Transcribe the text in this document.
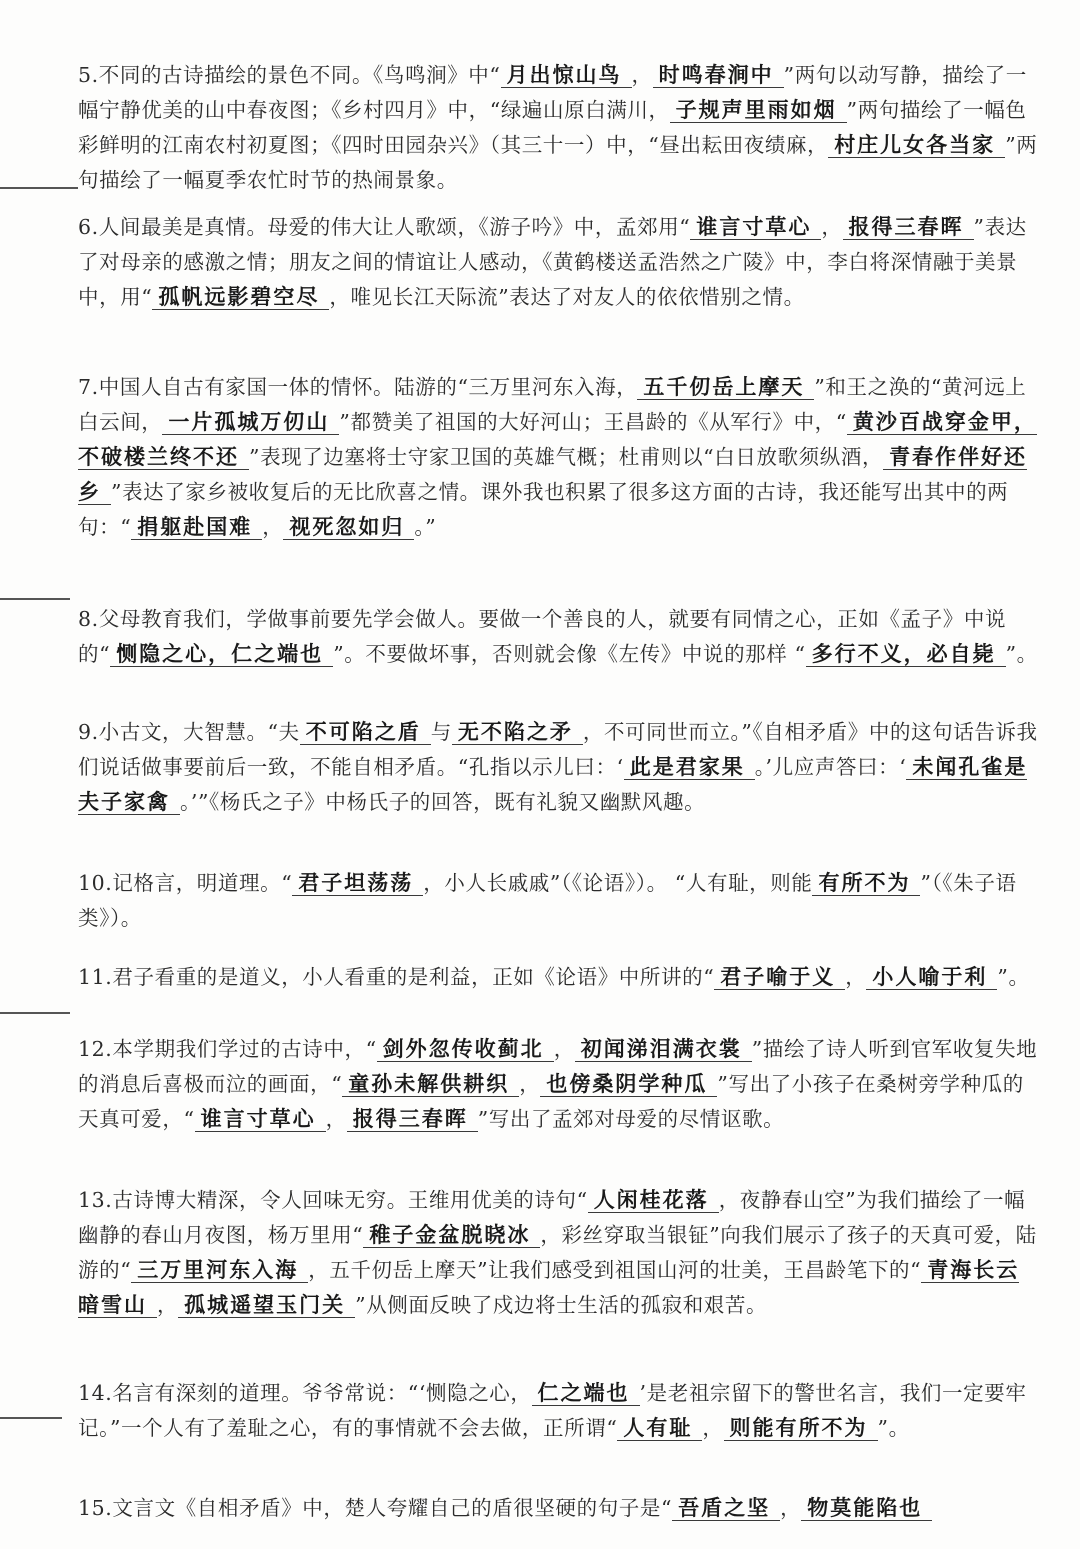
5.不同的古诗描绘的景色不同。《鸟鸣涧》中“ 月出惊山鸟 ， 时鸣春涧中 ”两句以动写静，描绘了一幅宁静优美的山中春夜图；《乡村四月》中，“绿遍山原白满川， 子规声里雨如烟 ”两句描绘了一幅色彩鲜明的江南农村初夏图；《四时田园杂兴》（其三十一）中，“昼出耘田夜绩麻， 村庄儿女各当家 ”两句描绘了一幅夏季农忙时节的热闹景象。
6.人间最美是真情。母爱的伟大让人歌颂，《游子吟》中，孟郊用“ 谁言寸草心 ， 报得三春晖 ”表达了对母亲的感激之情；朋友之间的情谊让人感动，《黄鹤楼送孟浩然之广陵》中，李白将深情融于美景中，用“ 孤帆远影碧空尽 ，唯见长江天际流”表达了对友人的依依惜别之情。
7.中国人自古有家国一体的情怀。陆游的“三万里河东入海， 五千仞岳上摩天 ”和王之涣的“黄河远上白云间， 一片孤城万仞山 ”都赞美了祖国的大好河山；王昌龄的《从军行》中，“ 黄沙百战穿金甲，不破楼兰终不还 ”表现了边塞将士守家卫国的英雄气概；杜甫则以“白日放歌须纵酒， 青春作伴好还乡 ”表达了家乡被收复后的无比欣喜之情。课外我也积累了很多这方面的古诗，我还能写出其中的两句：“ 捐躯赴国难 ， 视死忽如归 。”
8.父母教育我们，学做事前要先学会做人。要做一个善良的人，就要有同情之心，正如《孟子》中说的“ 恻隐之心，仁之端也 ”。不要做坏事，否则就会像《左传》中说的那样 “ 多行不义，必自毙 ”。
9.小古文，大智慧。“夫 不可陷之盾 与 无不陷之矛 ，不可同世而立。”《自相矛盾》中的这句话告诉我们说话做事要前后一致，不能自相矛盾。“孔指以示儿曰：‘ 此是君家果 。’儿应声答曰：‘ 未闻孔雀是夫子家禽 。’”《杨氏之子》中杨氏子的回答，既有礼貌又幽默风趣。
10.记格言，明道理。“ 君子坦荡荡 ，小人长戚戚”（《论语》）。 “人有耻，则能 有所不为 ”（《朱子语类》）。
11.君子看重的是道义，小人看重的是利益，正如《论语》中所讲的“ 君子喻于义 ， 小人喻于利 ”。
12.本学期我们学过的古诗中，“ 剑外忽传收蓟北 ， 初闻涕泪满衣裳 ”描绘了诗人听到官军收复失地的消息后喜极而泣的画面，“ 童孙未解供耕织 ， 也傍桑阴学种瓜 ”写出了小孩子在桑树旁学种瓜的天真可爱，“ 谁言寸草心 ， 报得三春晖 ”写出了孟郊对母爱的尽情讴歌。
13.古诗博大精深，令人回味无穷。王维用优美的诗句“ 人闲桂花落 ，夜静春山空”为我们描绘了一幅幽静的春山月夜图，杨万里用“ 稚子金盆脱晓冰 ，彩丝穿取当银钲”向我们展示了孩子的天真可爱，陆游的“ 三万里河东入海 ，五千仞岳上摩天”让我们感受到祖国山河的壮美，王昌龄笔下的“ 青海长云暗雪山 ， 孤城遥望玉门关 ”从侧面反映了戍边将士生活的孤寂和艰苦。
14.名言有深刻的道理。爷爷常说：“‘恻隐之心， 仁之端也 ’是老祖宗留下的警世名言，我们一定要牢记。”一个人有了羞耻之心，有的事情就不会去做，正所谓“ 人有耻 ， 则能有所不为 ”。
15.文言文《自相矛盾》中，楚人夸耀自己的盾很坚硬的句子是“ 吾盾之坚 ， 物莫能陷也
